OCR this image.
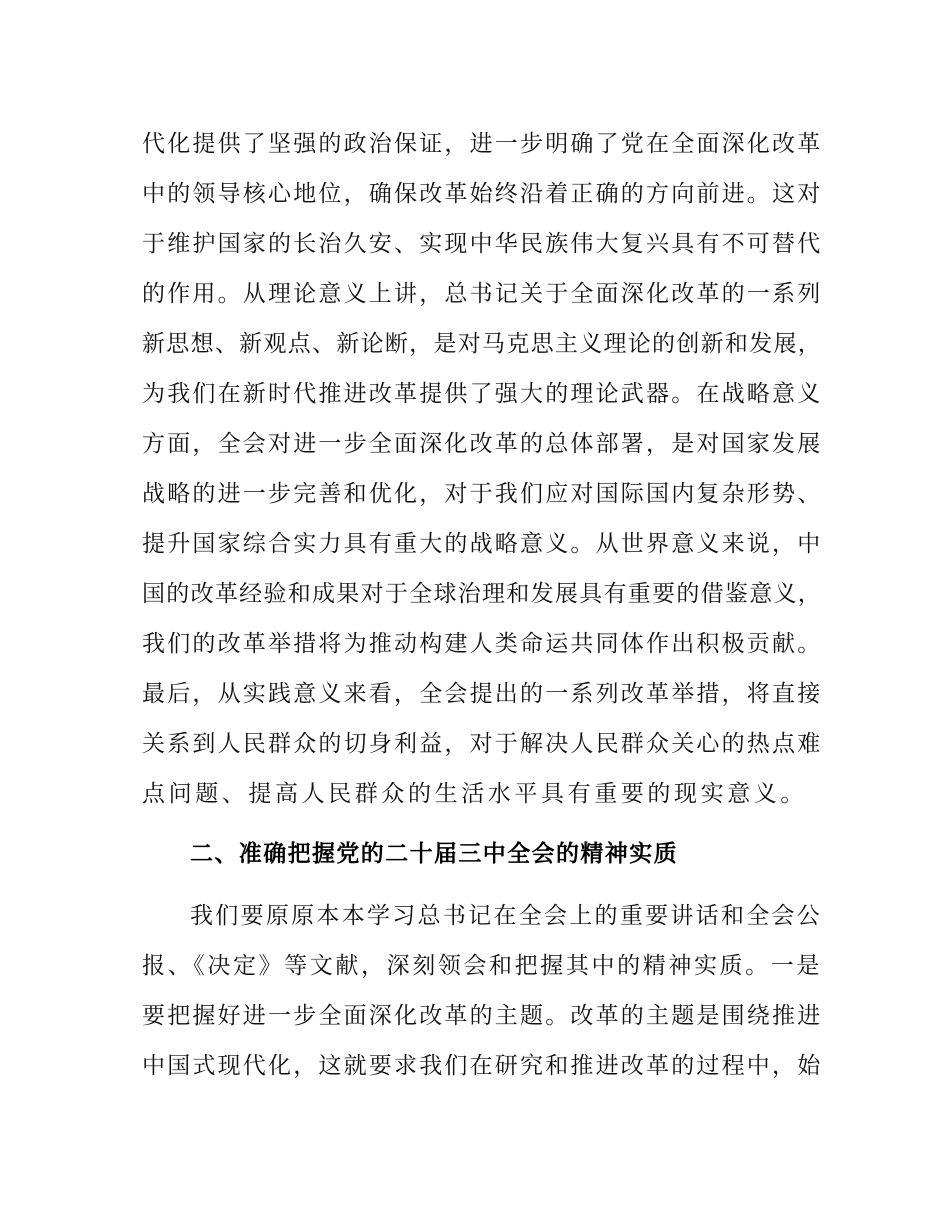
代化提供了坚强的政治保证，进一步明确了党在全面深化改革
中的领导核心地位，确保改革始终沿着正确的方向前进。这对
于维护国家的长治久安、实现中华民族伟大复兴具有不可替代
的作用。从理论意义上讲，总书记关于全面深化改革的一系列
新思想、新观点、新论断，是对马克思主义理论的创新和发展，
为我们在新时代推进改革提供了强大的理论武器。在战略意义
方面，全会对进一步全面深化改革的总体部署，是对国家发展
战略的进一步完善和优化，对于我们应对国际国内复杂形势、
提升国家综合实力具有重大的战略意义。从世界意义来说，中
国的改革经验和成果对于全球治理和发展具有重要的借鉴意义，
我们的改革举措将为推动构建人类命运共同体作出积极贡献。
最后，从实践意义来看，全会提出的一系列改革举措，将直接
关系到人民群众的切身利益，对于解决人民群众关心的热点难
点问题、提高人民群众的生活水平具有重要的现实意义。
二、准确把握党的二十届三中全会的精神实质
我们要原原本本学习总书记在全会上的重要讲话和全会公
报、《决定》等文献，深刻领会和把握其中的精神实质。一是
要把握好进一步全面深化改革的主题。改革的主题是围绕推进
中国式现代化，这就要求我们在研究和推进改革的过程中，始
